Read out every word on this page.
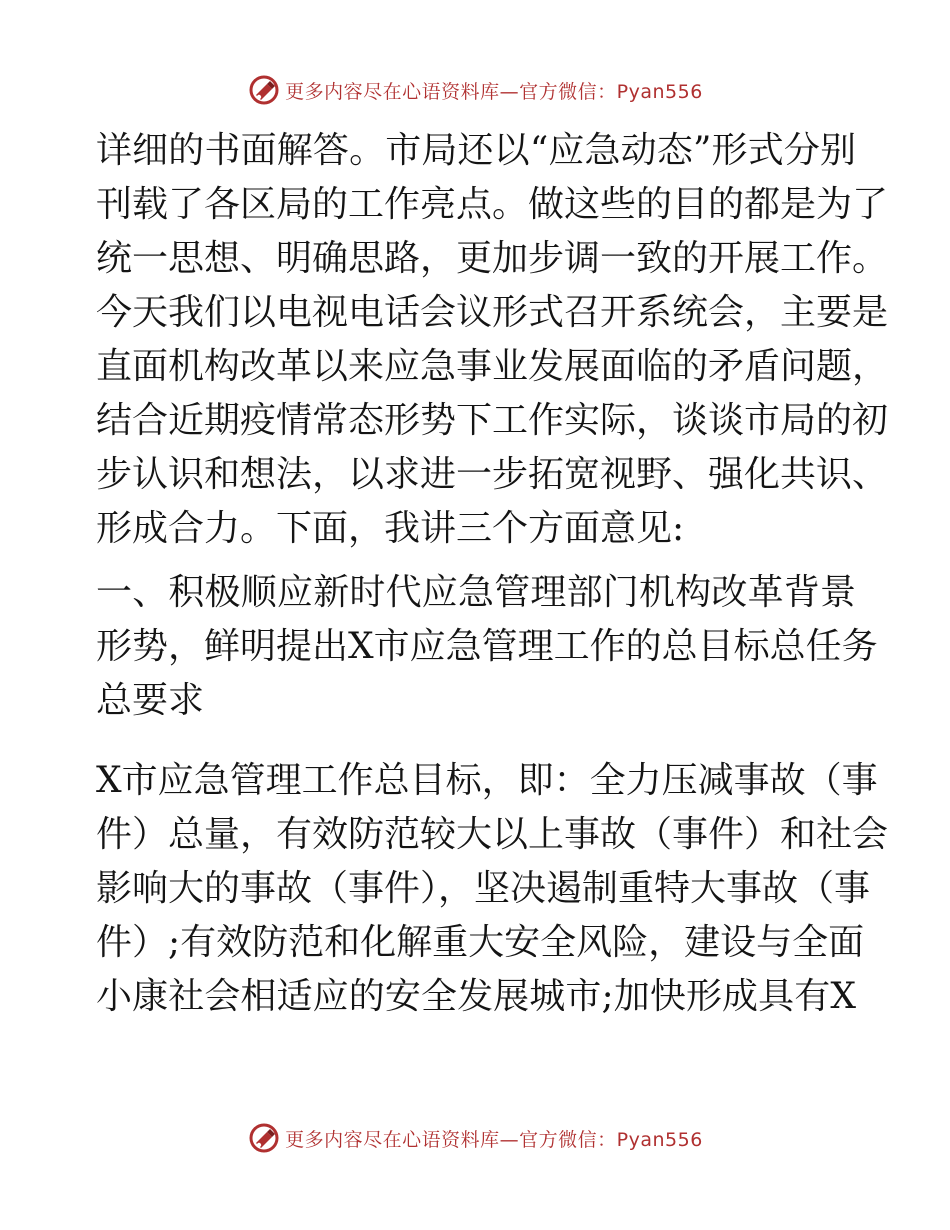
更多内容尽在心语资料库—官方微信：Pyan556
详细的书面解答。市局还以“应急动态”形式分别
刊载了各区局的工作亮点。做这些的目的都是为了
统一思想、明确思路，更加步调一致的开展工作。
今天我们以电视电话会议形式召开系统会，主要是
直面机构改革以来应急事业发展面临的矛盾问题，
结合近期疫情常态形势下工作实际，谈谈市局的初
步认识和想法，以求进一步拓宽视野、强化共识、
形成合力。下面，我讲三个方面意见:
一、积极顺应新时代应急管理部门机构改革背景
形势，鲜明提出X市应急管理工作的总目标总任务
总要求
X市应急管理工作总目标，即：全力压减事故（事
件）总量，有效防范较大以上事故（事件）和社会
影响大的事故（事件），坚决遏制重特大事故（事
件）;有效防范和化解重大安全风险，建设与全面
小康社会相适应的安全发展城市;加快形成具有X
更多内容尽在心语资料库—官方微信：Pyan556
